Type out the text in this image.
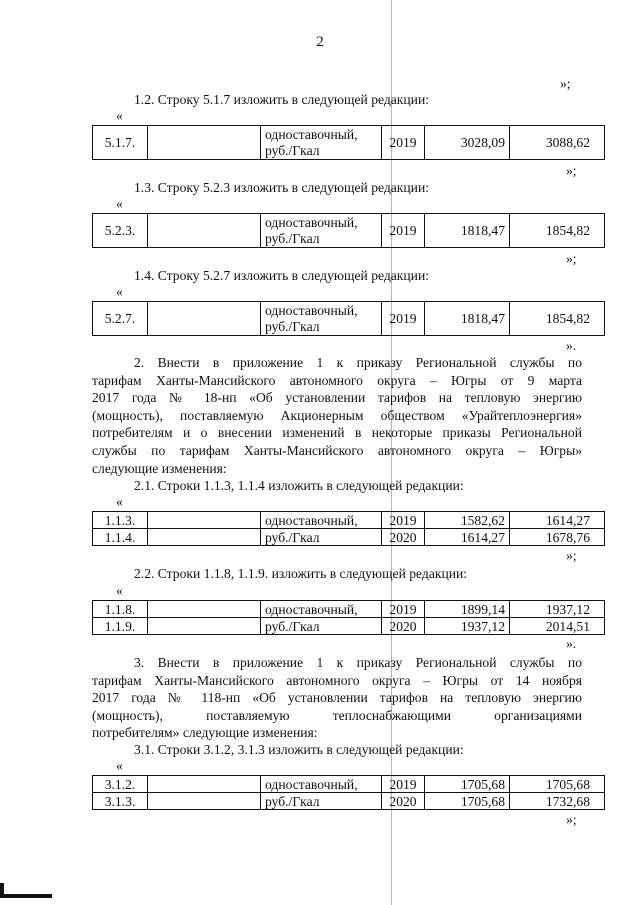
2
»;
1.2. Строку 5.1.7 изложить в следующей редакции:
«
5.1.7.		одноставочный, руб./Гкал	2019	3028,09	3088,62
»;
1.3. Строку 5.2.3 изложить в следующей редакции:
«
5.2.3.		одноставочный, руб./Гкал	2019	1818,47	1854,82
»;
1.4. Строку 5.2.7 изложить в следующей редакции:
«
5.2.7.		одноставочный, руб./Гкал	2019	1818,47	1854,82
».

2. Внести в приложение 1 к приказу Региональной службы по

тарифам Ханты-Мансийского автономного округа – Югры от 9 марта

2017 года № 18-нп «Об установлении тарифов на тепловую энергию

(мощность), поставляемую Акционерным обществом «Урайтеплоэнергия»

потребителям и о внесении изменений в некоторые приказы Региональной

службы по тарифам Ханты-Мансийского автономного округа – Югры»

следующие изменения:

2.1. Строки 1.1.3, 1.1.4 изложить в следующей редакции:
«
1.1.3.		одноставочный,	2019	1582,62	1614,27
1.1.4.		руб./Гкал	2020	1614,27	1678,76
»;
2.2. Строки 1.1.8, 1.1.9. изложить в следующей редакции:
«
1.1.8.		одноставочный,	2019	1899,14	1937,12
1.1.9.		руб./Гкал	2020	1937,12	2014,51
».

3. Внести в приложение 1 к приказу Региональной службы по

тарифам Ханты-Мансийского автономного округа – Югры от 14 ноября

2017 года № 118-нп «Об установлении тарифов на тепловую энергию

(мощность), поставляемую теплоснабжающими организациями

потребителям» следующие изменения:

3.1. Строки 3.1.2, 3.1.3 изложить в следующей редакции:
«
3.1.2.		одноставочный,	2019	1705,68	1705,68
3.1.3.		руб./Гкал	2020	1705,68	1732,68
»;
